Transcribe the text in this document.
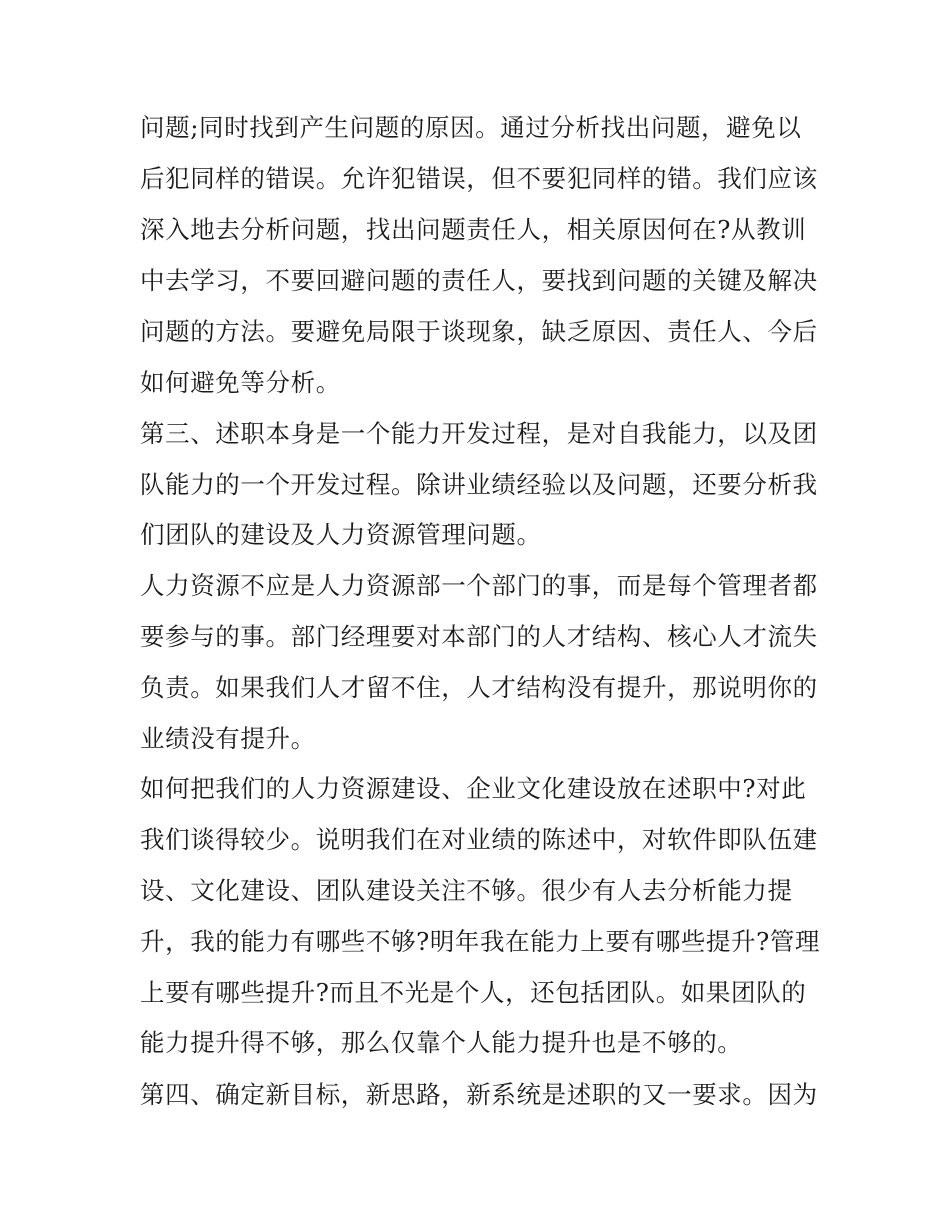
问题;同时找到产生问题的原因。通过分析找出问题，避免以
后犯同样的错误。允许犯错误，但不要犯同样的错。我们应该
深入地去分析问题，找出问题责任人，相关原因何在?从教训
中去学习，不要回避问题的责任人，要找到问题的关键及解决
问题的方法。要避免局限于谈现象，缺乏原因、责任人、今后
如何避免等分析。
第三、述职本身是一个能力开发过程，是对自我能力，以及团
队能力的一个开发过程。除讲业绩经验以及问题，还要分析我
们团队的建设及人力资源管理问题。
人力资源不应是人力资源部一个部门的事，而是每个管理者都
要参与的事。部门经理要对本部门的人才结构、核心人才流失
负责。如果我们人才留不住，人才结构没有提升，那说明你的
业绩没有提升。
如何把我们的人力资源建设、企业文化建设放在述职中?对此
我们谈得较少。说明我们在对业绩的陈述中，对软件即队伍建
设、文化建设、团队建设关注不够。很少有人去分析能力提
升，我的能力有哪些不够?明年我在能力上要有哪些提升?管理
上要有哪些提升?而且不光是个人，还包括团队。如果团队的
能力提升得不够，那么仅靠个人能力提升也是不够的。
第四、确定新目标，新思路，新系统是述职的又一要求。因为
